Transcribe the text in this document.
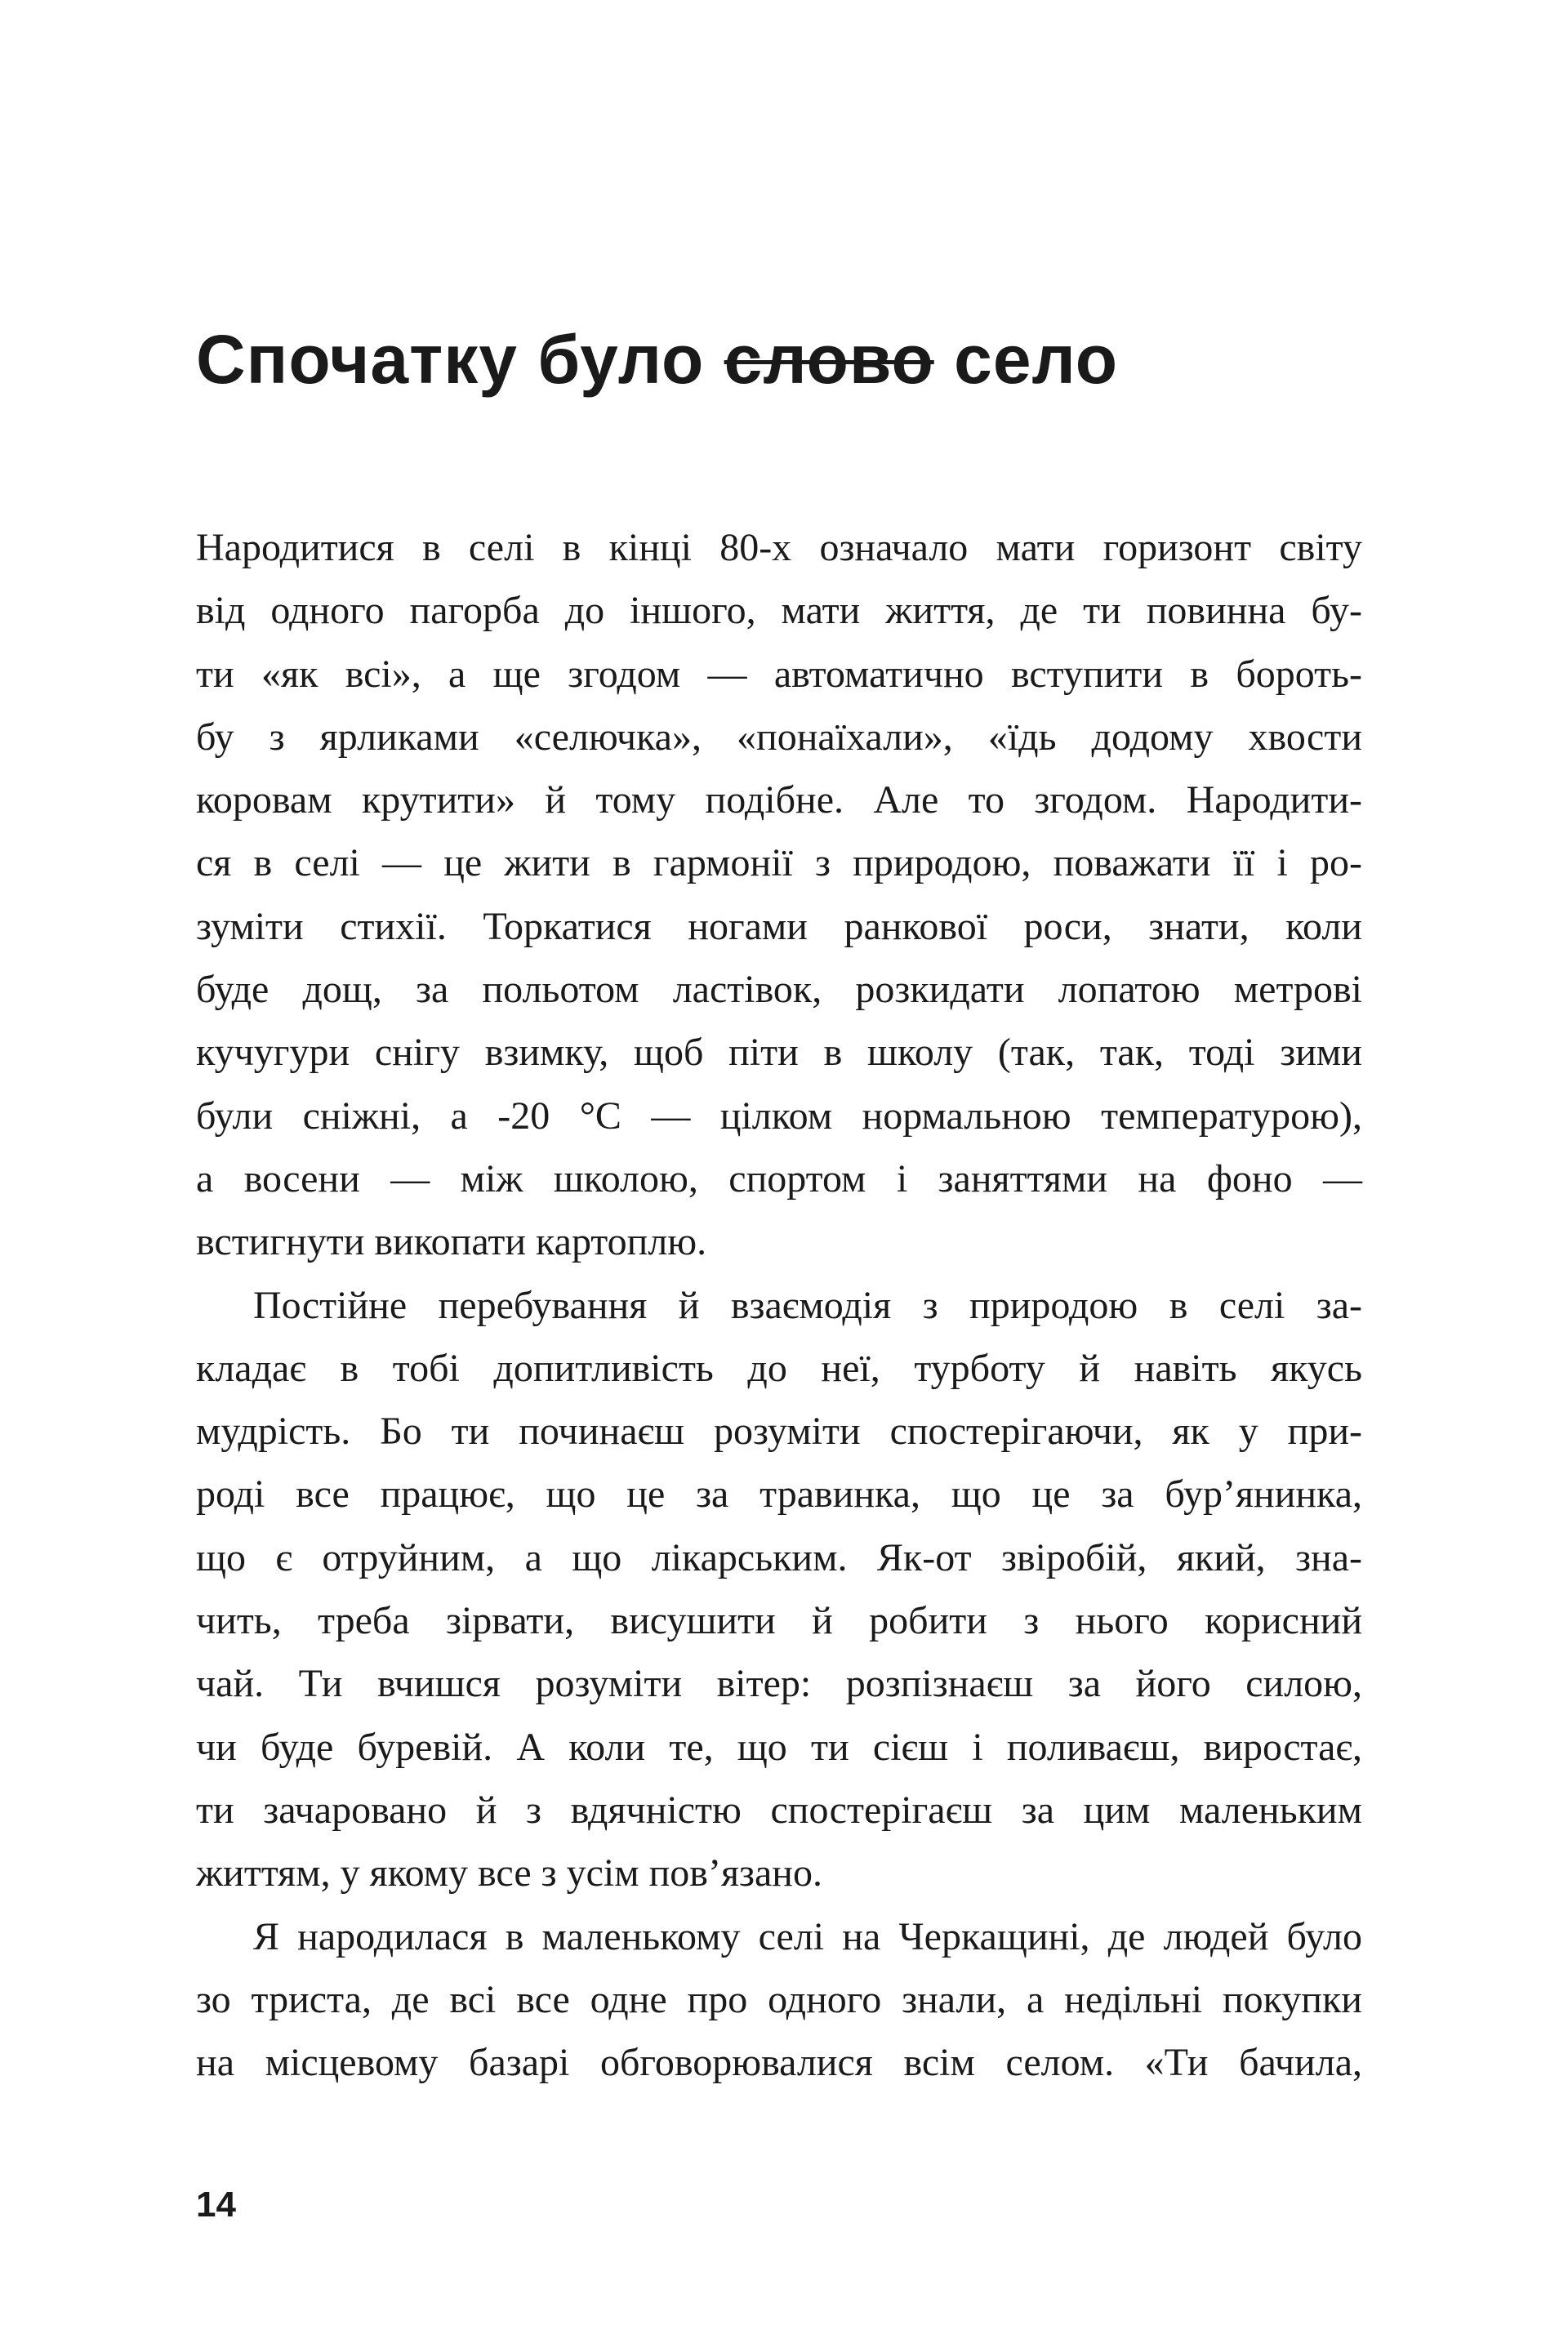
Спочатку було слово село
Народитися в селі в кінці 80-х означало мати горизонт світу
від одного пагорба до іншого, мати життя, де ти повинна бу-
ти «як всі», а ще згодом — автоматично вступити в бороть-
бу з ярликами «селючка», «понаїхали», «їдь додому хвости
коровам крутити» й тому подібне. Але то згодом. Народити-
ся в селі — це жити в гармонії з природою, поважати її і ро-
зуміти стихії. Торкатися ногами ранкової роси, знати, коли
буде дощ, за польотом ластівок, розкидати лопатою метрові
кучугури снігу взимку, щоб піти в школу (так, так, тоді зими
були сніжні, а -20 °C — цілком нормальною температурою),
а восени — між школою, спортом і заняттями на фоно —
встигнути викопати картоплю.
Постійне перебування й взаємодія з природою в селі за-
кладає в тобі допитливість до неї, турботу й навіть якусь
мудрість. Бо ти починаєш розуміти спостерігаючи, як у при-
роді все працює, що це за травинка, що це за бур’янинка,
що є отруйним, а що лікарським. Як-от звіробій, який, зна-
чить, треба зірвати, висушити й робити з нього корисний
чай. Ти вчишся розуміти вітер: розпізнаєш за його силою,
чи буде буревій. А коли те, що ти сієш і поливаєш, виростає,
ти зачаровано й з вдячністю спостерігаєш за цим маленьким
життям, у якому все з усім пов’язано.
Я народилася в маленькому селі на Черкащині, де людей було
зо триста, де всі все одне про одного знали, а недільні покупки
на місцевому базарі обговорювалися всім селом. «Ти бачила,
14
